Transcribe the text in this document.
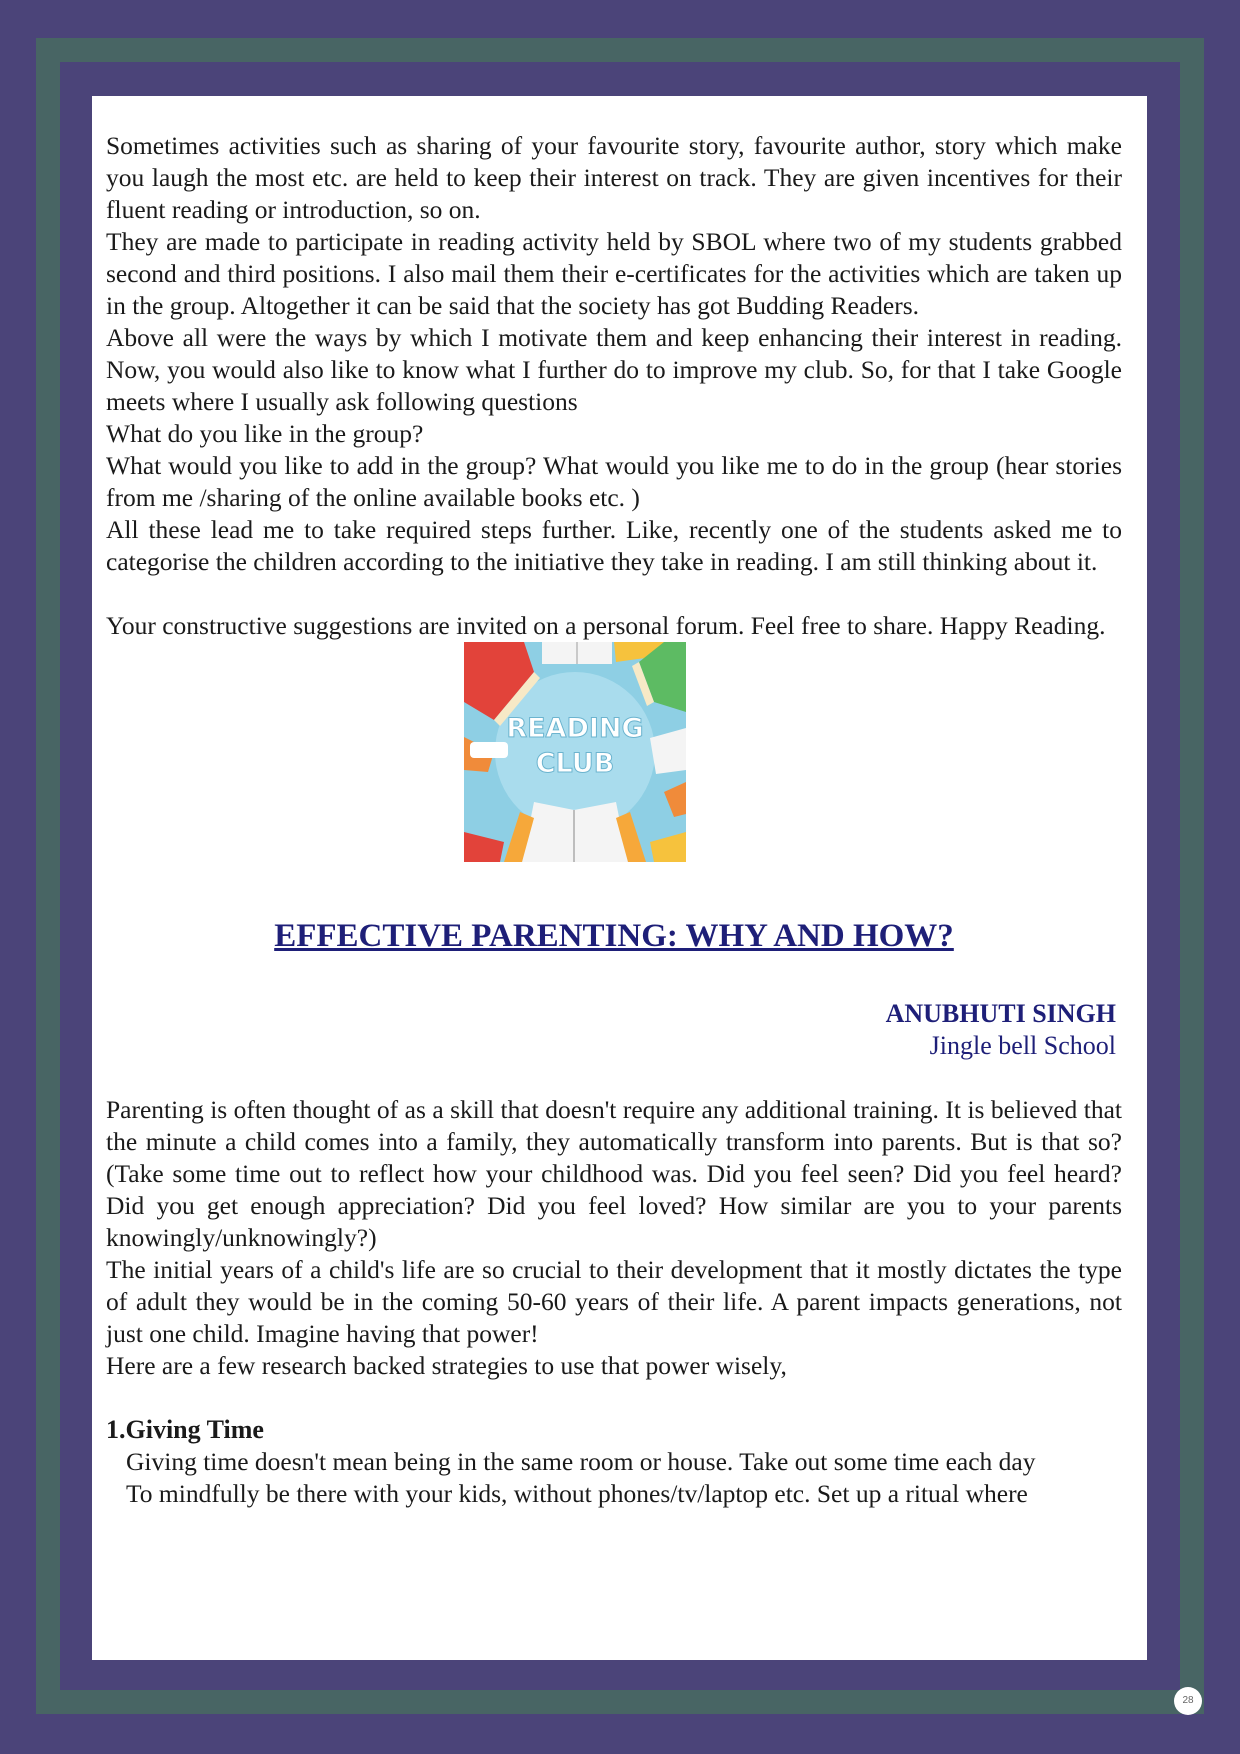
Sometimes activities such as sharing of your favourite story, favourite author, story which make you laugh the most etc. are held to keep their interest on track. They are given incentives for their fluent reading or introduction, so on.

They are made to participate in reading activity held by SBOL where two of my students grabbed second and third positions. I also mail them their e-certificates for the activities which are taken up in the group. Altogether it can be said that the society has got Budding Readers.

Above all were the ways by which I motivate them and keep enhancing their interest in reading. Now, you would also like to know what I further do to improve my club. So, for that I take Google meets where I usually ask following questions

What do you like in the group?

What would you like to add in the group? What would you like me to do in the group (hear stories from me /sharing of the online available books etc. )

All these lead me to take required steps further. Like, recently one of the students asked me to categorise the children according to the initiative they take in reading. I am still thinking about it.

Your constructive suggestions are invited on a personal forum. Feel free to share. Happy Reading.

READING
CLUB
EFFECTIVE PARENTING: WHY AND HOW?
ANUBHUTI SINGH
Jingle bell School

Parenting is often thought of as a skill that doesn't require any additional training. It is believed that the minute a child comes into a family, they automatically transform into parents. But is that so? (Take some time out to reflect how your childhood was. Did you feel seen? Did you feel heard? Did you get enough appreciation? Did you feel loved? How similar are you to your parents knowingly/unknowingly?)

The initial years of a child's life are so crucial to their development that it mostly dictates the type of adult they would be in the coming 50-60 years of their life. A parent impacts generations, not just one child. Imagine having that power!

Here are a few research backed strategies to use that power wisely,

1.Giving Time

Giving time doesn't mean being in the same room or house. Take out some time each day

To mindfully be there with your kids, without phones/tv/laptop etc. Set up a ritual where

28
